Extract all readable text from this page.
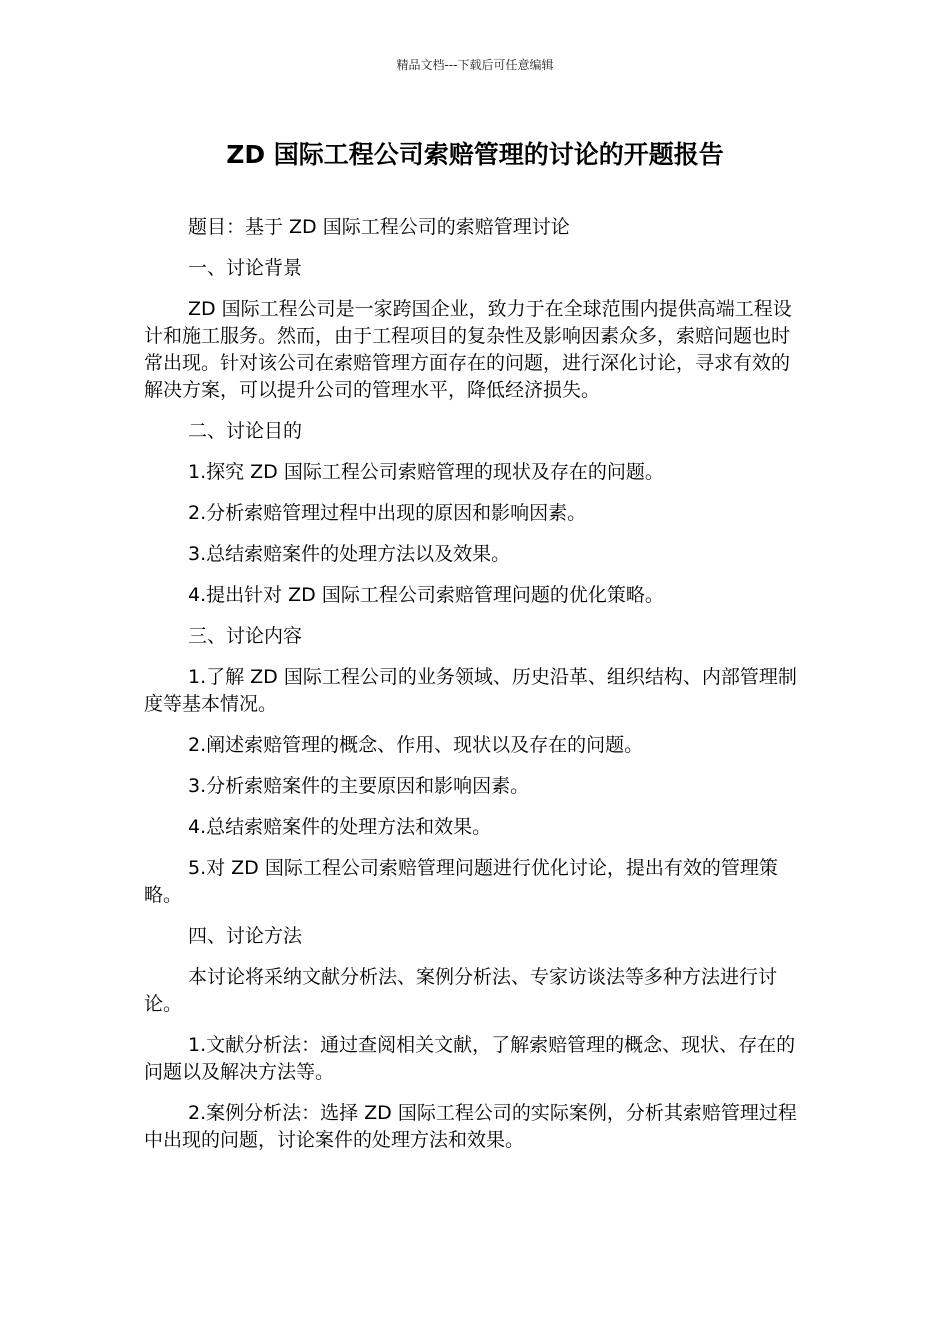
精品文档---下载后可任意编辑
ZD 国际工程公司索赔管理的讨论的开题报告

题目：基于 ZD 国际工程公司的索赔管理讨论

一、讨论背景

ZD 国际工程公司是一家跨国企业，致力于在全球范围内提供高端工程设计和施工服务。然而，由于工程项目的复杂性及影响因素众多，索赔问题也时常出现。针对该公司在索赔管理方面存在的问题，进行深化讨论，寻求有效的解决方案，可以提升公司的管理水平，降低经济损失。

二、讨论目的

1.探究 ZD 国际工程公司索赔管理的现状及存在的问题。

2.分析索赔管理过程中出现的原因和影响因素。

3.总结索赔案件的处理方法以及效果。

4.提出针对 ZD 国际工程公司索赔管理问题的优化策略。

三、讨论内容

1.了解 ZD 国际工程公司的业务领域、历史沿革、组织结构、内部管理制度等基本情况。

2.阐述索赔管理的概念、作用、现状以及存在的问题。

3.分析索赔案件的主要原因和影响因素。

4.总结索赔案件的处理方法和效果。

5.对 ZD 国际工程公司索赔管理问题进行优化讨论，提出有效的管理策略。

四、讨论方法

本讨论将采纳文献分析法、案例分析法、专家访谈法等多种方法进行讨论。

1.文献分析法：通过查阅相关文献，了解索赔管理的概念、现状、存在的问题以及解决方法等。

2.案例分析法：选择 ZD 国际工程公司的实际案例，分析其索赔管理过程中出现的问题，讨论案件的处理方法和效果。
